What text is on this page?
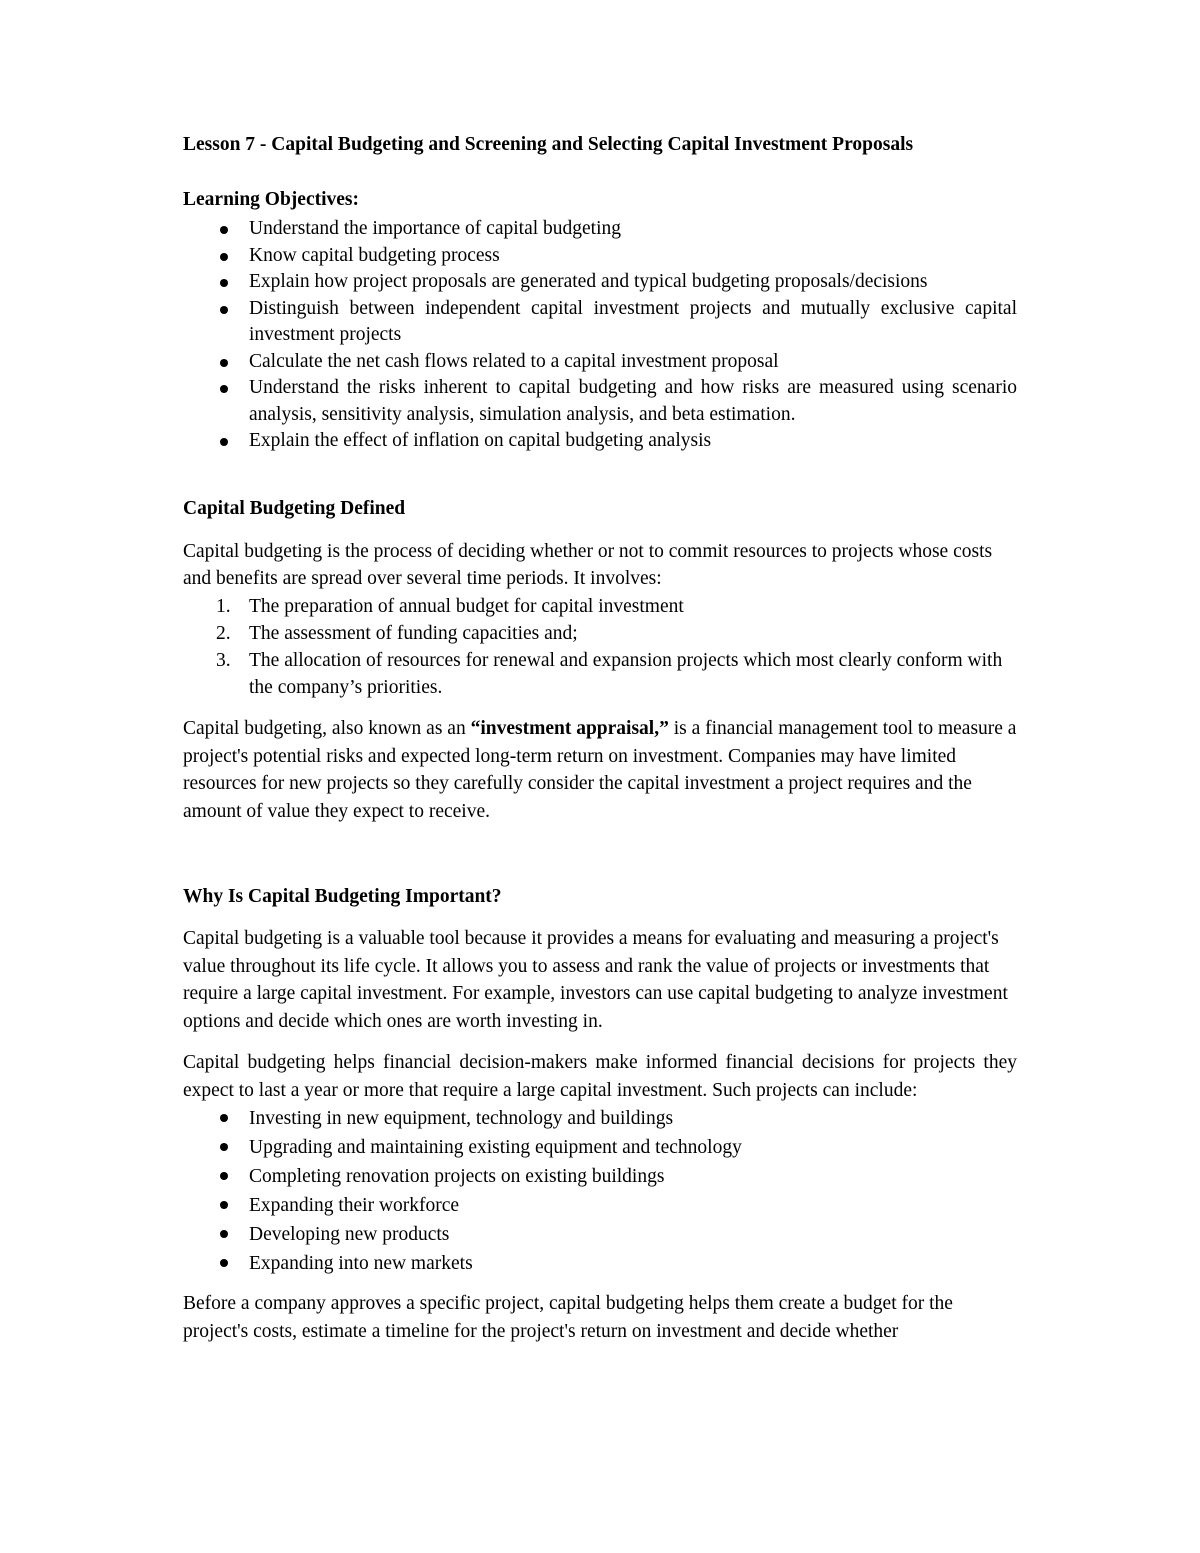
Lesson 7 - Capital Budgeting and Screening and Selecting Capital Investment Proposals

Learning Objectives:

Understand the importance of capital budgeting
Know capital budgeting process
Explain how project proposals are generated and typical budgeting proposals/decisions
Distinguish between independent capital investment projects and mutually exclusive capital investment projects
Calculate the net cash flows related to a capital investment proposal
Understand the risks inherent to capital budgeting and how risks are measured using scenario analysis, sensitivity analysis, simulation analysis, and beta estimation.
Explain the effect of inflation on capital budgeting analysis

Capital Budgeting Defined

Capital budgeting is the process of deciding whether or not to commit resources to projects whose costs and benefits are spread over several time periods. It involves:

1. The preparation of annual budget for capital investment
2. The assessment of funding capacities and;
3. The allocation of resources for renewal and expansion projects which most clearly conform with the company’s priorities.

Capital budgeting, also known as an “investment appraisal,” is a financial management tool to measure a project's potential risks and expected long-term return on investment. Companies may have limited resources for new projects so they carefully consider the capital investment a project requires and the amount of value they expect to receive.

Why Is Capital Budgeting Important?

Capital budgeting is a valuable tool because it provides a means for evaluating and measuring a project's value throughout its life cycle. It allows you to assess and rank the value of projects or investments that require a large capital investment. For example, investors can use capital budgeting to analyze investment options and decide which ones are worth investing in.

Capital budgeting helps financial decision-makers make informed financial decisions for projects they expect to last a year or more that require a large capital investment. Such projects can include:

Investing in new equipment, technology and buildings
Upgrading and maintaining existing equipment and technology
Completing renovation projects on existing buildings
Expanding their workforce
Developing new products
Expanding into new markets

Before a company approves a specific project, capital budgeting helps them create a budget for the project's costs, estimate a timeline for the project's return on investment and decide whether
